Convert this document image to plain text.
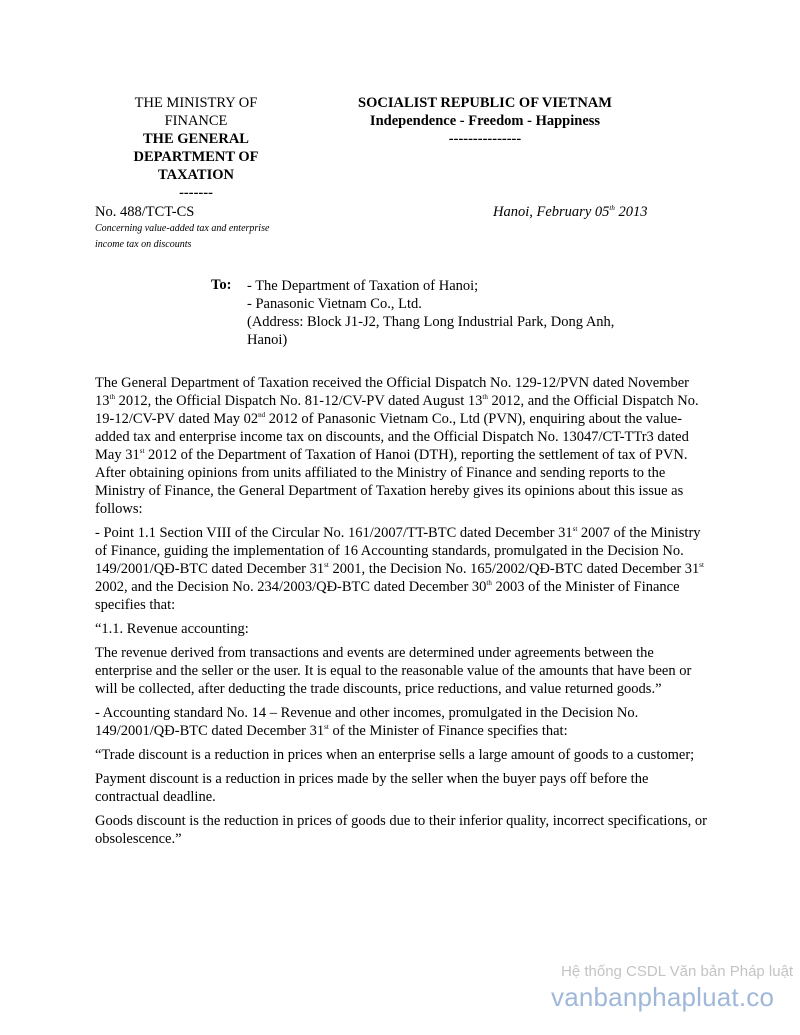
THE MINISTRY OF
FINANCE
THE GENERAL
DEPARTMENT OF
TAXATION
-------
SOCIALIST REPUBLIC OF VIETNAM
Independence - Freedom - Happiness
---------------
No. 488/TCT-CS
Concerning value-added tax and enterprise
income tax on discounts
Hanoi, February 05th 2013
To: - The Department of Taxation of Hanoi;
- Panasonic Vietnam Co., Ltd.
(Address: Block J1-J2, Thang Long Industrial Park, Dong Anh,
Hanoi)

The General Department of Taxation received the Official Dispatch No. 129-12/PVN dated November 13th 2012, the Official Dispatch No. 81-12/CV-PV dated August 13th 2012, and the Official Dispatch No. 19-12/CV-PV dated May 02nd 2012 of Panasonic Vietnam Co., Ltd (PVN), enquiring about the value-added tax and enterprise income tax on discounts, and the Official Dispatch No. 13047/CT-TTr3 dated May 31st 2012 of the Department of Taxation of Hanoi (DTH), reporting the settlement of tax of PVN. After obtaining opinions from units affiliated to the Ministry of Finance and sending reports to the Ministry of Finance, the General Department of Taxation hereby gives its opinions about this issue as follows:

- Point 1.1 Section VIII of the Circular No. 161/2007/TT-BTC dated December 31st 2007 of the Ministry of Finance, guiding the implementation of 16 Accounting standards, promulgated in the Decision No. 149/2001/QĐ-BTC dated December 31st 2001, the Decision No. 165/2002/QĐ-BTC dated December 31st 2002, and the Decision No. 234/2003/QĐ-BTC dated December 30th 2003 of the Minister of Finance specifies that:

“1.1. Revenue accounting:

The revenue derived from transactions and events are determined under agreements between the enterprise and the seller or the user. It is equal to the reasonable value of the amounts that have been or will be collected, after deducting the trade discounts, price reductions, and value returned goods.”

- Accounting standard No. 14 – Revenue and other incomes, promulgated in the Decision No. 149/2001/QĐ-BTC dated December 31st of the Minister of Finance specifies that:

“Trade discount is a reduction in prices when an enterprise sells a large amount of goods to a customer;

Payment discount is a reduction in prices made by the seller when the buyer pays off before the contractual deadline.

Goods discount is the reduction in prices of goods due to their inferior quality, incorrect specifications, or obsolescence.”

Hệ thống CSDL Văn bản Pháp luật
vanbanphapluat.co
